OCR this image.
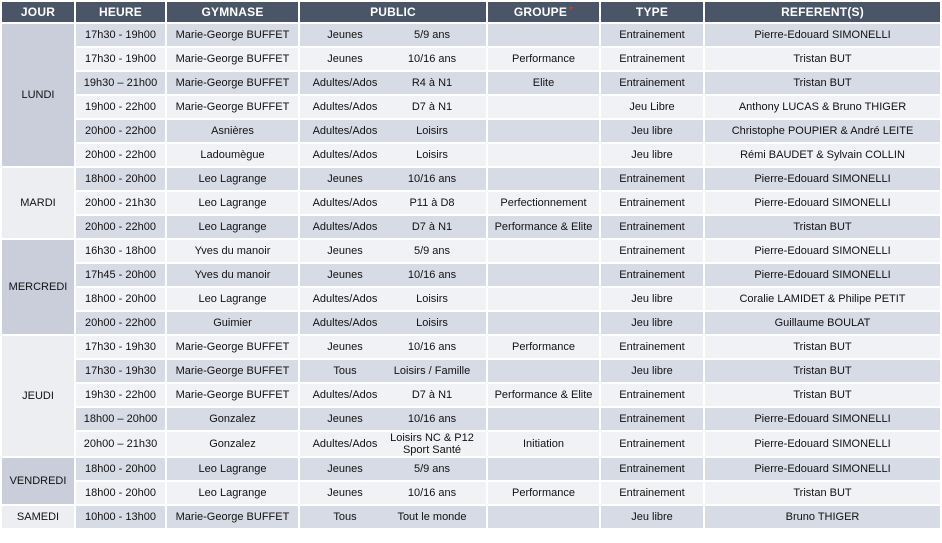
JOUR	HEURE	GYMNASE	PUBLIC	GROUPE *	TYPE	REFERENT(S)
LUNDI	17h30 - 19h00	Marie-George BUFFET	Jeunes 5/9 ans		Entrainement	Pierre-Edouard SIMONELLI
	17h30 - 19h00	Marie-George BUFFET	Jeunes 10/16 ans	Performance	Entrainement	Tristan BUT
	19h30 – 21h00	Marie-George BUFFET	Adultes/Ados R4 à N1	Elite	Entrainement	Tristan BUT
	19h00 - 22h00	Marie-George BUFFET	Adultes/Ados D7 à N1		Jeu Libre	Anthony LUCAS & Bruno THIGER
	20h00 - 22h00	Asnières	Adultes/Ados Loisirs		Jeu libre	Christophe POUPIER & André LEITE
	20h00 - 22h00	Ladoumègue	Adultes/Ados Loisirs		Jeu libre	Rémi BAUDET & Sylvain COLLIN
MARDI	18h00 - 20h00	Leo Lagrange	Jeunes 10/16 ans		Entrainement	Pierre-Edouard SIMONELLI
	20h00 - 21h30	Leo Lagrange	Adultes/Ados P11 à D8	Perfectionnement	Entrainement	Pierre-Edouard SIMONELLI
	20h00 - 22h00	Leo Lagrange	Adultes/Ados D7 à N1	Performance & Elite	Entrainement	Tristan BUT
MERCREDI	16h30 - 18h00	Yves du manoir	Jeunes 5/9 ans		Entrainement	Pierre-Edouard SIMONELLI
	17h45 - 20h00	Yves du manoir	Jeunes 10/16 ans		Entrainement	Pierre-Edouard SIMONELLI
	18h00 - 20h00	Leo Lagrange	Adultes/Ados Loisirs		Jeu libre	Coralie LAMIDET & Philipe PETIT
	20h00 - 22h00	Guimier	Adultes/Ados Loisirs		Jeu libre	Guillaume BOULAT
JEUDI	17h30 - 19h30	Marie-George BUFFET	Jeunes 10/16 ans	Performance	Entrainement	Tristan BUT
	17h30 - 19h30	Marie-George BUFFET	Tous Loisirs / Famille		Jeu libre	Tristan BUT
	19h30 - 22h00	Marie-George BUFFET	Adultes/Ados D7 à N1	Performance & Elite	Entrainement	Tristan BUT
	18h00 – 20h00	Gonzalez	Jeunes 10/16 ans		Entrainement	Pierre-Edouard SIMONELLI
	20h00 – 21h30	Gonzalez	Adultes/Ados Loisirs NC & P12 Sport Santé	Initiation	Entrainement	Pierre-Edouard SIMONELLI
VENDREDI	18h00 - 20h00	Leo Lagrange	Jeunes 5/9 ans		Entrainement	Pierre-Edouard SIMONELLI
	18h00 - 20h00	Leo Lagrange	Jeunes 10/16 ans	Performance	Entrainement	Tristan BUT
SAMEDI	10h00 - 13h00	Marie-George BUFFET	Tous Tout le monde		Jeu libre	Bruno THIGER
